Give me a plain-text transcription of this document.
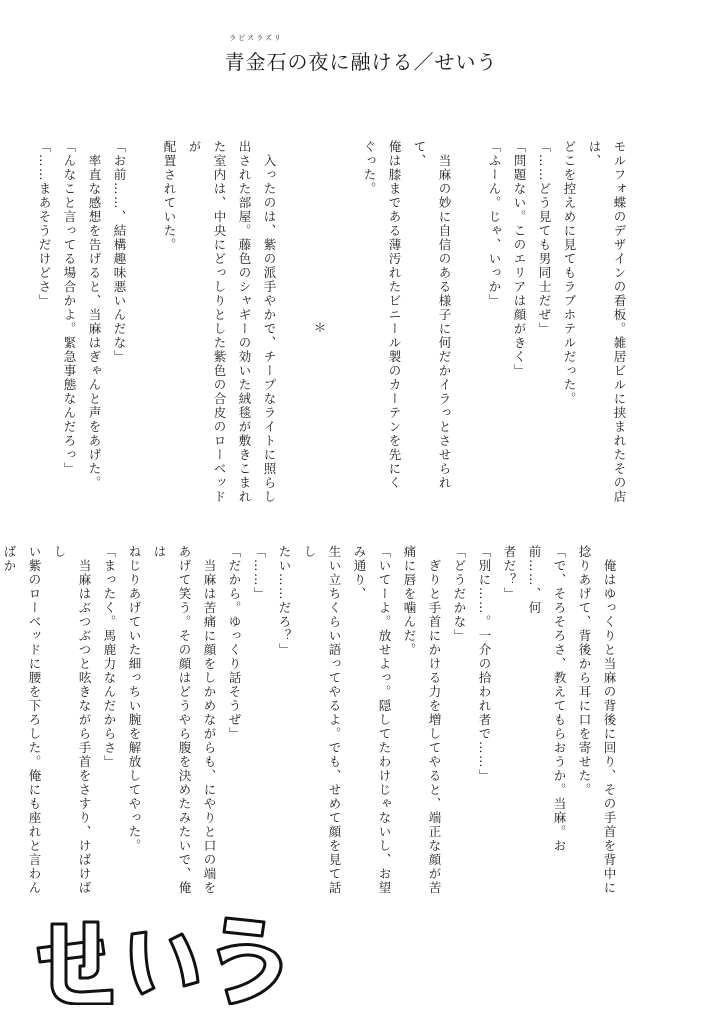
青金石
ラピスラズリ
の夜に融ける／せいう

モルフォ蝶のデザインの看板。雑居ビルに挟まれたその店は、

どこを控えめに見てもラブホテルだった。

「……どう見ても男同士だぜ」

「問題ない。このエリアは顔がきく」

「ふーん。じゃ、いっか」

　当麻の妙に自信のある様子に何だかイラっとさせられて、

俺は膝まである薄汚れたビニール製のカーテンを先にく

ぐった。

＊

　入ったのは、紫の派手やかで、チープなライトに照らし

出された部屋。藤色のシャギーの効いた絨毯が敷きこまれ

た室内は、中央にどっしりとした紫色の合皮のローベッドが

配置されていた。

「お前……、結構趣味悪いんだな」

　率直な感想を告げると、当麻はぎゃんと声をあげた。

「んなこと言ってる場合かよ。緊急事態なんだろっ」

「……まあそうだけどさ」

　俺はゆっくりと当麻の背後に回り、その手首を背中に

捻りあげて、背後から耳に口を寄せた。

「で、そろそろさ、教えてもらおうか。当麻。お前……、何

者だ？」

「別に……。一介の拾われ者で……」

「どうだかな」

　ぎりと手首にかける力を増してやると、端正な顔が苦

痛に唇を噛んだ。

「いてーよ。放せよっ。隠してたわけじゃないし、お望み通り、

生い立ちくらい語ってやるよ。でも、せめて顔を見て話し

たい……だろ？」

「……」

「だから。ゆっくり話そうぜ」

　当麻は苦痛に顔をしかめながらも、にやりと口の端を

あげて笑う。その顔はどうやら腹を決めたみたいで、俺は

ねじりあげていた細っちい腕を解放してやった。

「まったく。馬鹿力なんだからさ」

　当麻はぶつぶつと呟きながら手首をさすり、けばけばし

い紫のローベッドに腰を下ろした。俺にも座れと言わんばか
